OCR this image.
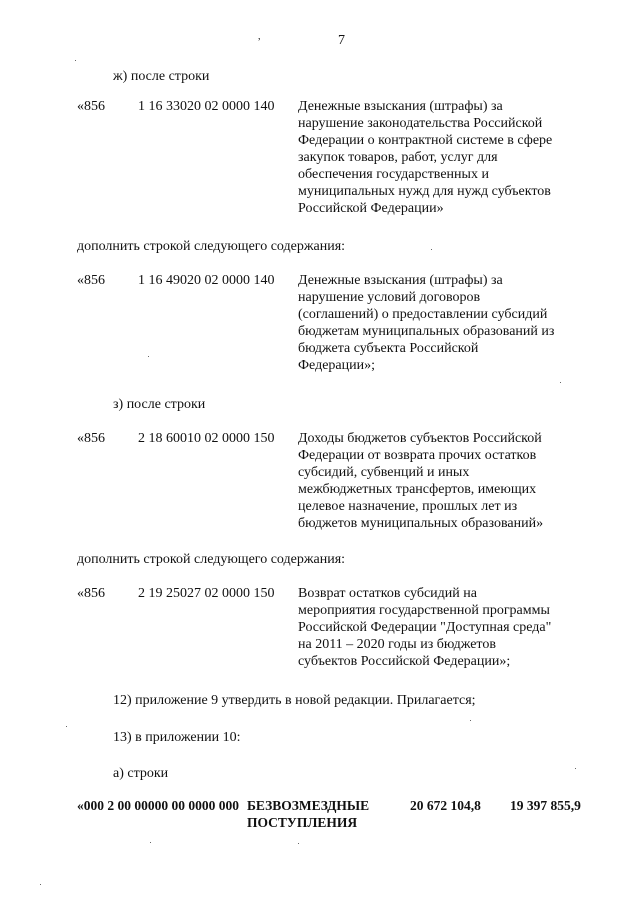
7
,
ж) после строки
«856 1 16 33020 02 0000 140 Денежные взыскания (штрафы) за
нарушение законодательства Российской
Федерации о контрактной системе в сфере
закупок товаров, работ, услуг для
обеспечения государственных и
муниципальных нужд для нужд субъектов
Российской Федерации»
дополнить строкой следующего содержания:
«856 1 16 49020 02 0000 140 Денежные взыскания (штрафы) за
нарушение условий договоров
(соглашений) о предоставлении субсидий
бюджетам муниципальных образований из
бюджета субъекта Российской
Федерации»;
з) после строки
«856 2 18 60010 02 0000 150 Доходы бюджетов субъектов Российской
Федерации от возврата прочих остатков
субсидий, субвенций и иных
межбюджетных трансфертов, имеющих
целевое назначение, прошлых лет из
бюджетов муниципальных образований»
дополнить строкой следующего содержания:
«856 2 19 25027 02 0000 150 Возврат остатков субсидий на
мероприятия государственной программы
Российской Федерации "Доступная среда"
на 2011 – 2020 годы из бюджетов
субъектов Российской Федерации»;
12) приложение 9 утвердить в новой редакции. Прилагается;
13) в приложении 10:
а) строки
«000 2 00 00000 00 0000 000 БЕЗВОЗМЕЗДНЫЕ
ПОСТУПЛЕНИЯ
20 672 104,8 19 397 855,9
